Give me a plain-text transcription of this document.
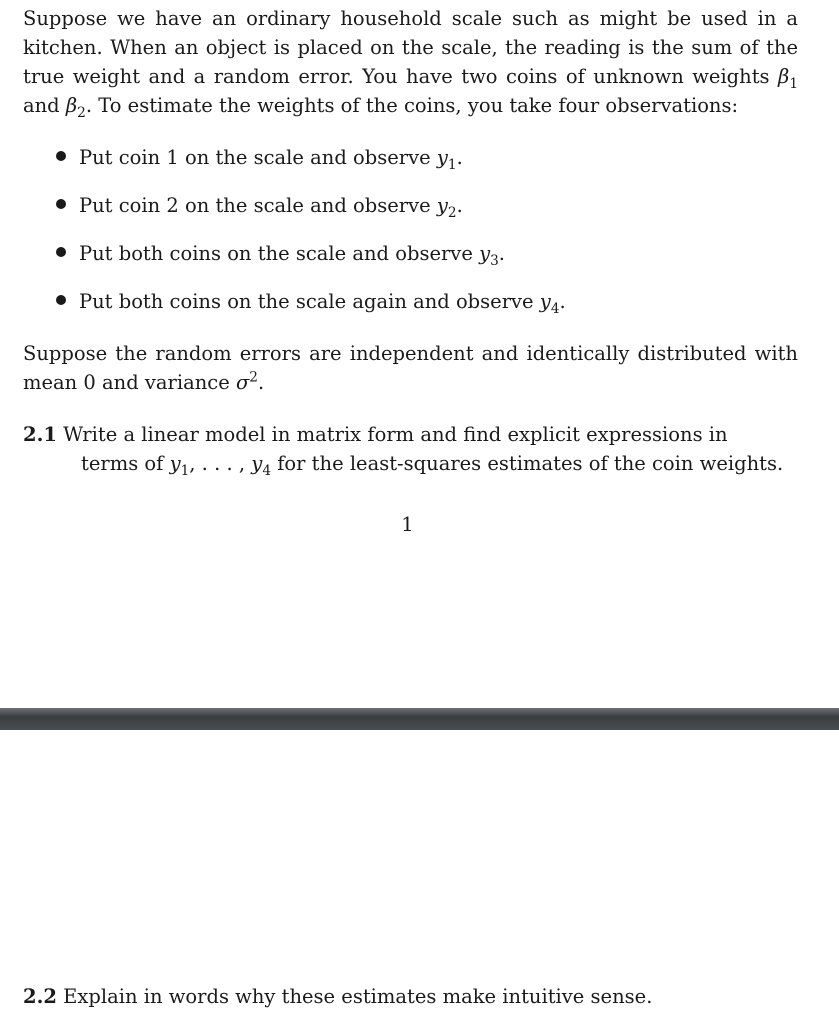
Suppose we have an ordinary household scale such as might be used in a kitchen. When an object is placed on the scale, the reading is the sum of the true weight and a random error. You have two coins of unknown weights $\beta_1$ and $\beta_2$. To estimate the weights of the coins, you take four observations:

Put coin 1 on the scale and observe $y_1$.
Put coin 2 on the scale and observe $y_2$.
Put both coins on the scale and observe $y_3$.
Put both coins on the scale again and observe $y_4$.

Suppose the random errors are independent and identically distributed with mean 0 and variance $\sigma^2$.

2.1 Write a linear model in matrix form and find explicit expressions in
terms of $y_1$, . . . , $y_4$ for the least-squares estimates of the coin weights.
1
2.2 Explain in words why these estimates make intuitive sense.
